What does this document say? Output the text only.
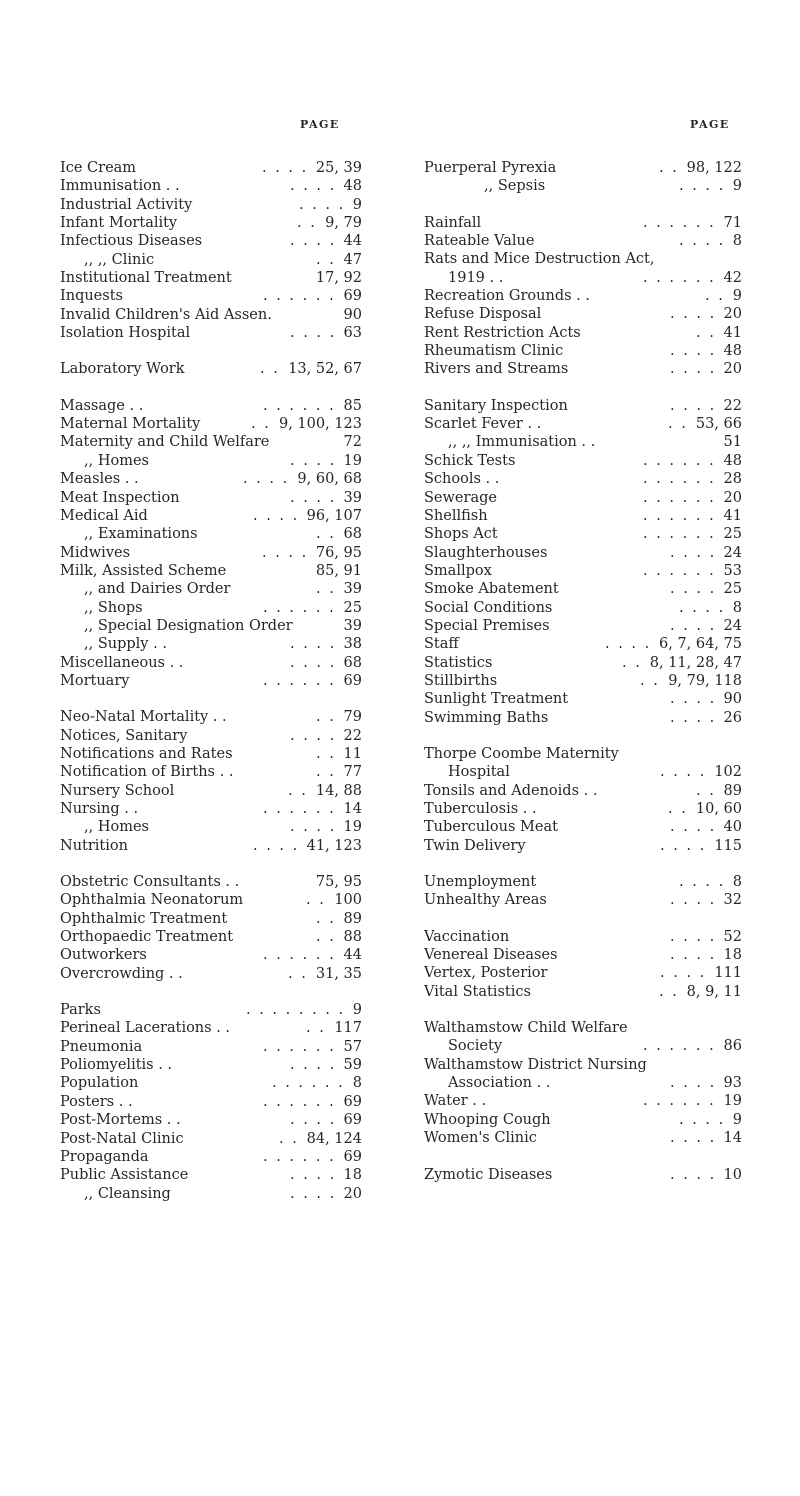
PAGE	PAGE
Ice Cream	. . . . 25, 39
Immunisation . .	. . . . 48
Industrial Activity	. . . . 9
Infant Mortality	. . 9, 79
Infectious Diseases	. . . . 44
,, ,, Clinic	. . 47
Institutional Treatment	17, 92
Inquests	. . . . . . 69
Invalid Children's Aid Assen.	90
Isolation Hospital	. . . . 63
Laboratory Work	. . 13, 52, 67
Massage . .	. . . . . . 85
Maternal Mortality	. . 9, 100, 123
Maternity and Child Welfare	72
,, Homes	. . . . 19
Measles . .	. . . . 9, 60, 68
Meat Inspection	. . . . 39
Medical Aid	. . . . 96, 107
,, Examinations	. . 68
Midwives	. . . . 76, 95
Milk, Assisted Scheme	85, 91
,, and Dairies Order	. . 39
,, Shops	. . . . . . 25
,, Special Designation Order	39
,, Supply . .	. . . . 38
Miscellaneous . .	. . . . 68
Mortuary	. . . . . . 69
Neo-Natal Mortality . .	. . 79
Notices, Sanitary	. . . . 22
Notifications and Rates	. . 11
Notification of Births . .	. . 77
Nursery School	. . 14, 88
Nursing . .	. . . . . . 14
,, Homes	. . . . 19
Nutrition	. . . . 41, 123
Obstetric Consultants . .	75, 95
Ophthalmia Neonatorum	. . 100
Ophthalmic Treatment	. . 89
Orthopaedic Treatment	. . 88
Outworkers	. . . . . . 44
Overcrowding . .	. . 31, 35
Parks	. . . . . . . . 9
Perineal Lacerations . .	. . 117
Pneumonia	. . . . . . 57
Poliomyelitis . .	. . . . 59
Population	. . . . . . 8
Posters . .	. . . . . . 69
Post-Mortems . .	. . . . 69
Post-Natal Clinic	. . 84, 124
Propaganda	. . . . . . 69
Public Assistance	. . . . 18
,, Cleansing	. . . . 20
Puerperal Pyrexia	. . 98, 122
,, Sepsis	. . . . 9
Rainfall	. . . . . . 71
Rateable Value	. . . . 8
Rats and Mice Destruction Act,
1919 . .	. . . . . . 42
Recreation Grounds . .	. . 9
Refuse Disposal	. . . . 20
Rent Restriction Acts	. . 41
Rheumatism Clinic	. . . . 48
Rivers and Streams	. . . . 20
Sanitary Inspection	. . . . 22
Scarlet Fever . .	. . 53, 66
,, ,, Immunisation . .	51
Schick Tests	. . . . . . 48
Schools . .	. . . . . . 28
Sewerage	. . . . . . 20
Shellfish	. . . . . . 41
Shops Act	. . . . . . 25
Slaughterhouses	. . . . 24
Smallpox	. . . . . . 53
Smoke Abatement	. . . . 25
Social Conditions	. . . . 8
Special Premises	. . . . 24
Staff	. . . . 6, 7, 64, 75
Statistics	. . 8, 11, 28, 47
Stillbirths	. . 9, 79, 118
Sunlight Treatment	. . . . 90
Swimming Baths	. . . . 26
Thorpe Coombe Maternity
Hospital	. . . . 102
Tonsils and Adenoids . .	. . 89
Tuberculosis . .	. . 10, 60
Tuberculous Meat	. . . . 40
Twin Delivery	. . . . 115
Unemployment	. . . . 8
Unhealthy Areas	. . . . 32
Vaccination	. . . . 52
Venereal Diseases	. . . . 18
Vertex, Posterior	. . . . 111
Vital Statistics	. . 8, 9, 11
Walthamstow Child Welfare
Society	. . . . . . 86
Walthamstow District Nursing
Association . .	. . . . 93
Water . .	. . . . . . 19
Whooping Cough	. . . . 9
Women's Clinic	. . . . 14
Zymotic Diseases	. . . . 10
